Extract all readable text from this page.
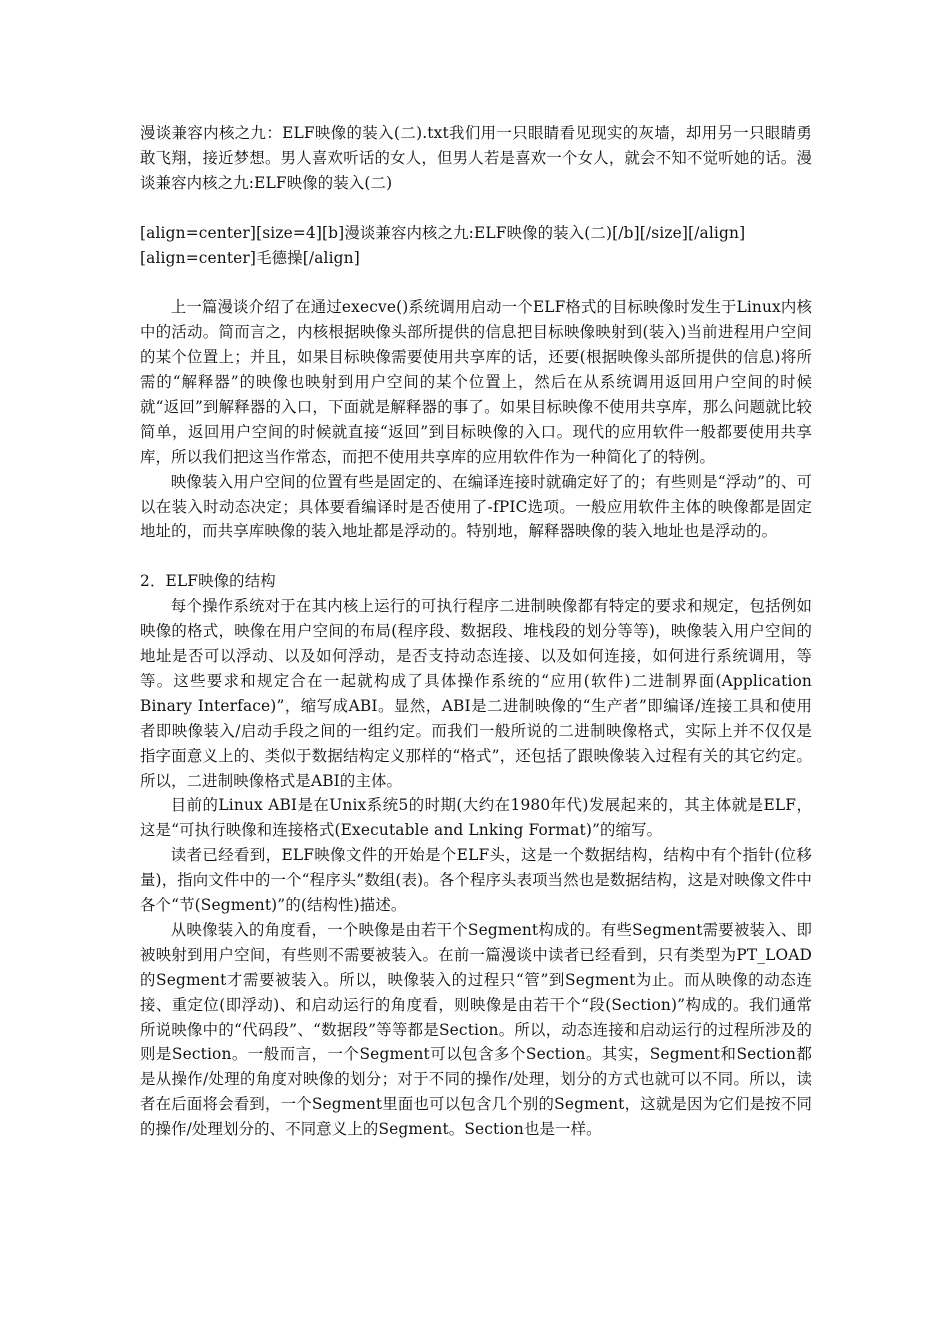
漫谈兼容内核之九：ELF映像的装入(二).txt我们用一只眼睛看见现实的灰墙，却用另一只眼睛勇敢飞翔，接近梦想。男人喜欢听话的女人，但男人若是喜欢一个女人，就会不知不觉听她的话。漫谈兼容内核之九:ELF映像的装入(二)

[align=center][size=4][b]漫谈兼容内核之九:ELF映像的装入(二)[/b][/size][/align]

[align=center]毛德操[/align]

上一篇漫谈介绍了在通过execve()系统调用启动一个ELF格式的目标映像时发生于Linux内核中的活动。简而言之，内核根据映像头部所提供的信息把目标映像映射到(装入)当前进程用户空间的某个位置上；并且，如果目标映像需要使用共享库的话，还要(根据映像头部所提供的信息)将所需的“解释器”的映像也映射到用户空间的某个位置上，然后在从系统调用返回用户空间的时候就“返回”到解释器的入口，下面就是解释器的事了。如果目标映像不使用共享库，那么问题就比较简单，返回用户空间的时候就直接“返回”到目标映像的入口。现代的应用软件一般都要使用共享库，所以我们把这当作常态，而把不使用共享库的应用软件作为一种简化了的特例。

映像装入用户空间的位置有些是固定的、在编译连接时就确定好了的；有些则是“浮动”的、可以在装入时动态决定；具体要看编译时是否使用了-fPIC选项。一般应用软件主体的映像都是固定地址的，而共享库映像的装入地址都是浮动的。特别地，解释器映像的装入地址也是浮动的。

2．ELF映像的结构

每个操作系统对于在其内核上运行的可执行程序二进制映像都有特定的要求和规定，包括例如映像的格式，映像在用户空间的布局(程序段、数据段、堆栈段的划分等等)，映像装入用户空间的地址是否可以浮动、以及如何浮动，是否支持动态连接、以及如何连接，如何进行系统调用，等等。这些要求和规定合在一起就构成了具体操作系统的“应用(软件)二进制界面(Application Binary Interface)”，缩写成ABI。显然，ABI是二进制映像的“生产者”即编译/连接工具和使用者即映像装入/启动手段之间的一组约定。而我们一般所说的二进制映像格式，实际上并不仅仅是指字面意义上的、类似于数据结构定义那样的“格式”，还包括了跟映像装入过程有关的其它约定。所以，二进制映像格式是ABI的主体。

目前的Linux ABI是在Unix系统5的时期(大约在1980年代)发展起来的，其主体就是ELF，这是“可执行映像和连接格式(Executable and Lnking Format)”的缩写。

读者已经看到，ELF映像文件的开始是个ELF头，这是一个数据结构，结构中有个指针(位移量)，指向文件中的一个“程序头”数组(表)。各个程序头表项当然也是数据结构，这是对映像文件中各个“节(Segment)”的(结构性)描述。

从映像装入的角度看，一个映像是由若干个Segment构成的。有些Segment需要被装入、即被映射到用户空间，有些则不需要被装入。在前一篇漫谈中读者已经看到，只有类型为PT_LOAD的Segment才需要被装入。所以，映像装入的过程只“管”到Segment为止。而从映像的动态连接、重定位(即浮动)、和启动运行的角度看，则映像是由若干个“段(Section)”构成的。我们通常所说映像中的“代码段”、“数据段”等等都是Section。所以，动态连接和启动运行的过程所涉及的则是Section。一般而言，一个Segment可以包含多个Section。其实，Segment和Section都是从操作/处理的角度对映像的划分；对于不同的操作/处理，划分的方式也就可以不同。所以，读者在后面将会看到，一个Segment里面也可以包含几个别的Segment，这就是因为它们是按不同的操作/处理划分的、不同意义上的Segment。Section也是一样。
